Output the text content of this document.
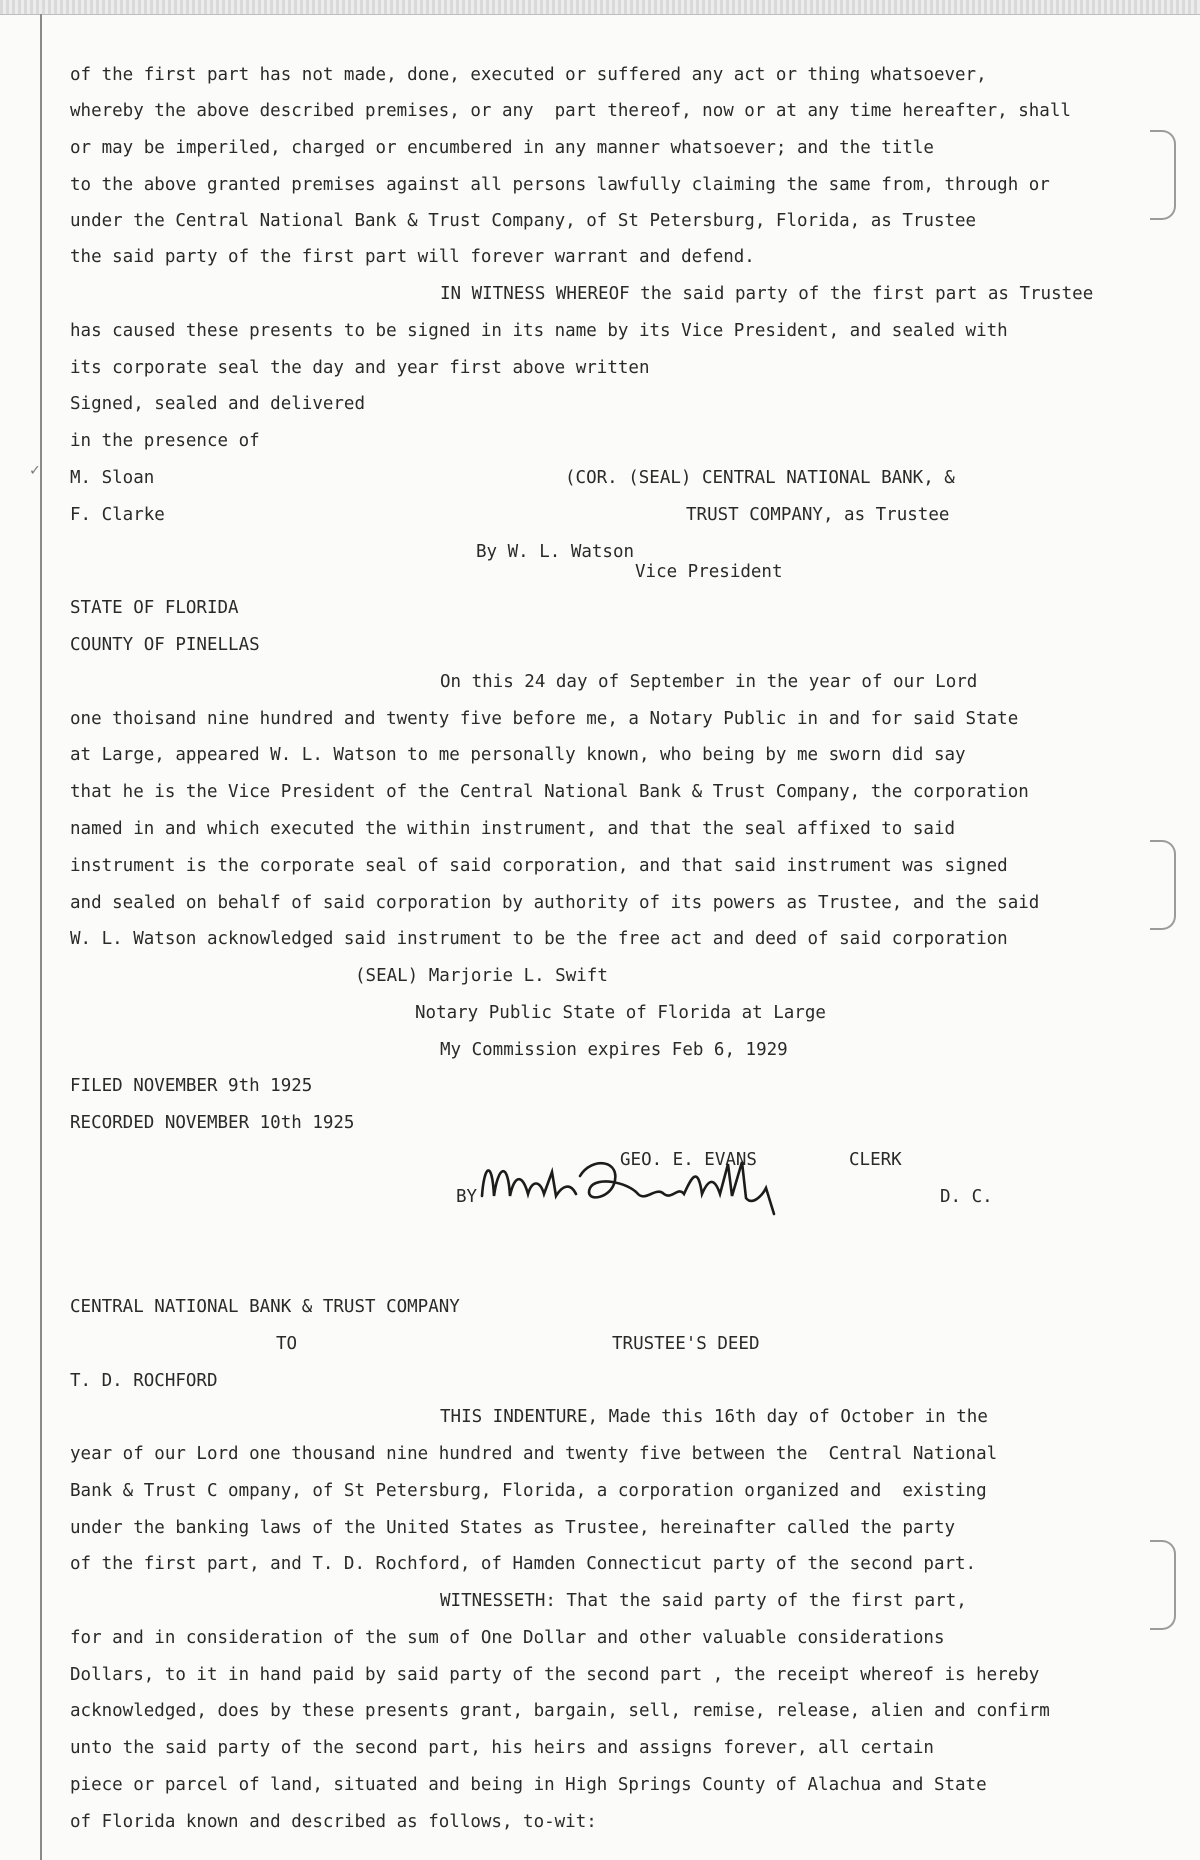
✓
of the first part has not made, done, executed or suffered any act or thing whatsoever,
whereby the above described premises, or any  part thereof, now or at any time hereafter, shall
or may be imperiled, charged or encumbered in any manner whatsoever; and the title
to the above granted premises against all persons lawfully claiming the same from, through or
under the Central National Bank & Trust Company, of St Petersburg, Florida, as Trustee
the said party of the first part will forever warrant and defend.
IN WITNESS WHEREOF the said party of the first part as Trustee
has caused these presents to be signed in its name by its Vice President, and sealed with
its corporate seal the day and year first above written
Signed, sealed and delivered
in the presence of
M. Sloan	(COR. (SEAL) CENTRAL NATIONAL BANK, &
F. Clarke	TRUST COMPANY, as Trustee
By W. L. Watson
Vice President
STATE OF FLORIDA
COUNTY OF PINELLAS
On this 24 day of September in the year of our Lord
one thoisand nine hundred and twenty five before me, a Notary Public in and for said State
at Large, appeared W. L. Watson to me personally known, who being by me sworn did say
that he is the Vice President of the Central National Bank & Trust Company, the corporation
named in and which executed the within instrument, and that the seal affixed to said
instrument is the corporate seal of said corporation, and that said instrument was signed
and sealed on behalf of said corporation by authority of its powers as Trustee, and the said
W. L. Watson acknowledged said instrument to be the free act and deed of said corporation
(SEAL) Marjorie L. Swift
Notary Public State of Florida at Large
My Commission expires Feb 6, 1929
FILED NOVEMBER 9th 1925
RECORDED NOVEMBER 10th 1925
GEO. E. EVANS	CLERK
BY	D. C.
CENTRAL NATIONAL BANK & TRUST COMPANY
TO	TRUSTEE'S DEED
T. D. ROCHFORD
THIS INDENTURE, Made this 16th day of October in the
year of our Lord one thousand nine hundred and twenty five between the  Central National
Bank & Trust C ompany, of St Petersburg, Florida, a corporation organized and  existing
under the banking laws of the United States as Trustee, hereinafter called the party
of the first part, and T. D. Rochford, of Hamden Connecticut party of the second part.
WITNESSETH: That the said party of the first part,
for and in consideration of the sum of One Dollar and other valuable considerations
Dollars, to it in hand paid by said party of the second part , the receipt whereof is hereby
acknowledged, does by these presents grant, bargain, sell, remise, release, alien and confirm
unto the said party of the second part, his heirs and assigns forever, all certain
piece or parcel of land, situated and being in High Springs County of Alachua and State
of Florida known and described as follows, to-wit:
